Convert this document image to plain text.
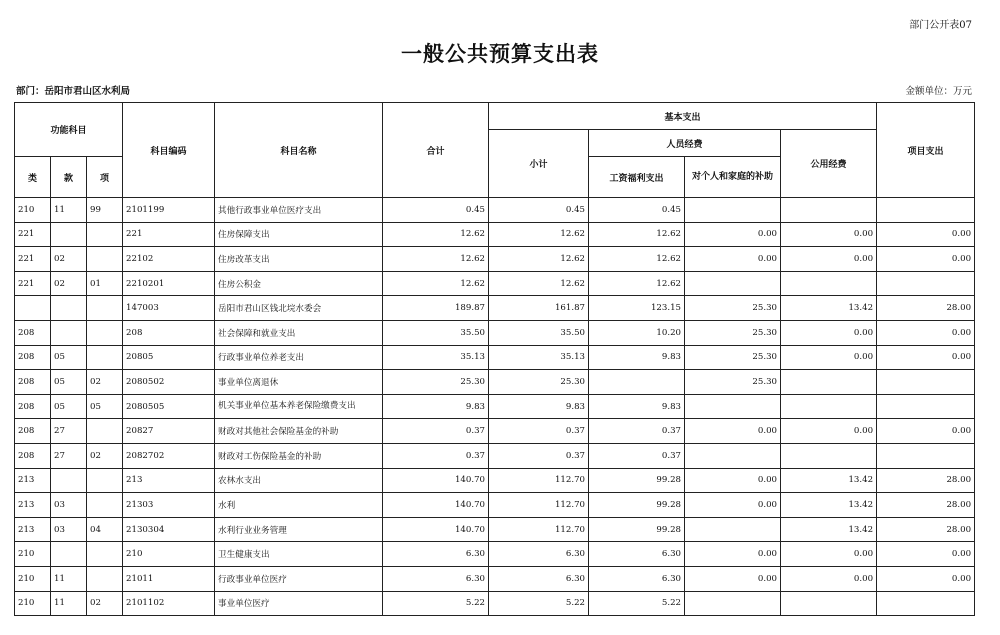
部门公开表07
一般公共预算支出表
部门：岳阳市君山区水利局	金额单位：万元
功能科目			科目编码	科目名称	合计	基本支出				项目支出
						小计	人员经费		公用经费	
类	款	项					工资福利支出	对个人和家庭的补助		
210	11	99	2101199	其他行政事业单位医疗支出	0.45	0.45	0.45			
221			221	住房保障支出	12.62	12.62	12.62	0.00	0.00	0.00
221	02		22102	住房改革支出	12.62	12.62	12.62	0.00	0.00	0.00
221	02	01	2210201	住房公积金	12.62	12.62	12.62			
			147003	岳阳市君山区钱北垸水委会	189.87	161.87	123.15	25.30	13.42	28.00
208			208	社会保障和就业支出	35.50	35.50	10.20	25.30	0.00	0.00
208	05		20805	行政事业单位养老支出	35.13	35.13	9.83	25.30	0.00	0.00
208	05	02	2080502	事业单位离退休	25.30	25.30		25.30		
208	05	05	2080505	机关事业单位基本养老保险缴费支出	9.83	9.83	9.83			
208	27		20827	财政对其他社会保险基金的补助	0.37	0.37	0.37	0.00	0.00	0.00
208	27	02	2082702	财政对工伤保险基金的补助	0.37	0.37	0.37			
213			213	农林水支出	140.70	112.70	99.28	0.00	13.42	28.00
213	03		21303	水利	140.70	112.70	99.28	0.00	13.42	28.00
213	03	04	2130304	水利行业业务管理	140.70	112.70	99.28		13.42	28.00
210			210	卫生健康支出	6.30	6.30	6.30	0.00	0.00	0.00
210	11		21011	行政事业单位医疗	6.30	6.30	6.30	0.00	0.00	0.00
210	11	02	2101102	事业单位医疗	5.22	5.22	5.22			
